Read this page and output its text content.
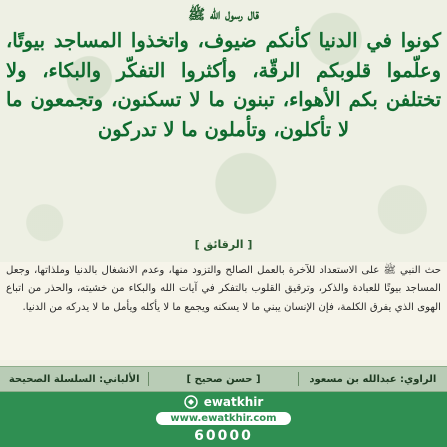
قال رسول الله ﷺ
كونوا في الدنيا كأنكم ضيوف، واتخذوا المساجد بيوتًا، وعلّموا قلوبكم الرقّة، وأكثروا التفكّر والبكاء، ولا تختلفن بكم الأهواء، تبنون ما لا تسكنون، وتجمعون ما لا تأكلون، وتأملون ما لا تدركون
[ الرقائق ]

حث النبي ﷺ على الاستعداد للآخرة بالعمل الصالح والتزود منها، وعدم الانشغال بالدنيا وملذاتها، وجعل المساجد بيوتًا للعبادة والذكر، وترقيق القلوب بالتفكر في آيات الله والبكاء من خشيته، والحذر من اتباع الهوى الذي يفرق الكلمة، فإن الإنسان يبني ما لا يسكنه ويجمع ما لا يأكله ويأمل ما لا يدركه من الدنيا.

الراوي: عبدالله بن مسعود
[ حسن صحيح ]
الألباني: السلسلة الصحيحة
ewatkhir
www.ewatkhir.com
60000
